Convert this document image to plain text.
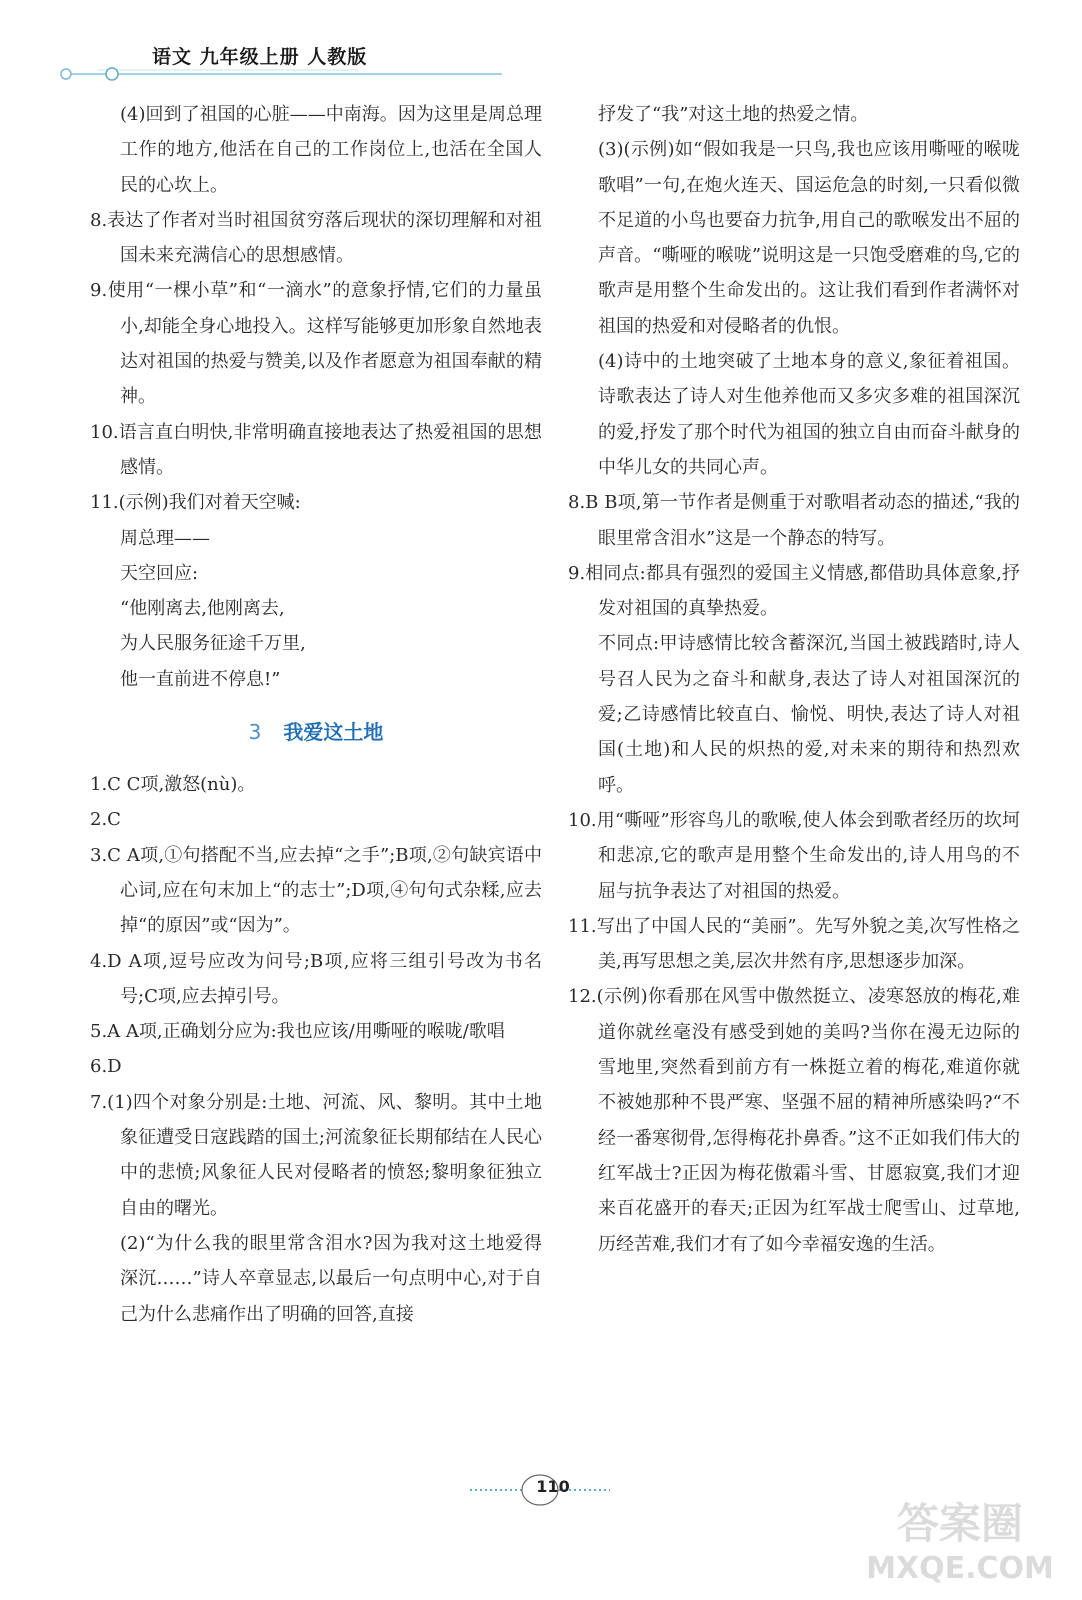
语文 九年级上册 人教版

(4)回到了祖国的心脏——中南海。因为这里是周总理工作的地方,他活在自己的工作岗位上,也活在全国人民的心坎上。

8.表达了作者对当时祖国贫穷落后现状的深切理解和对祖国未来充满信心的思想感情。

9.使用“一棵小草”和“一滴水”的意象抒情,它们的力量虽小,却能全身心地投入。这样写能够更加形象自然地表达对祖国的热爱与赞美,以及作者愿意为祖国奉献的精神。

10.语言直白明快,非常明确直接地表达了热爱祖国的思想感情。

11.(示例)我们对着天空喊:

周总理——

天空回应:

“他刚离去,他刚离去,

为人民服务征途千万里,

他一直前进不停息!”

3 我爱这土地

1.C C项,激怒(nù)。

2.C

3.C A项,①句搭配不当,应去掉“之手”;B项,②句缺宾语中心词,应在句末加上“的志士”;D项,④句句式杂糅,应去掉“的原因”或“因为”。

4.D A项,逗号应改为问号;B项,应将三组引号改为书名号;C项,应去掉引号。

5.A A项,正确划分应为:我也应该/用嘶哑的喉咙/歌唱

6.D

7.(1)四个对象分别是:土地、河流、风、黎明。其中土地象征遭受日寇践踏的国土;河流象征长期郁结在人民心中的悲愤;风象征人民对侵略者的愤怒;黎明象征独立自由的曙光。

(2)“为什么我的眼里常含泪水?因为我对这土地爱得深沉……”诗人卒章显志,以最后一句点明中心,对于自己为什么悲痛作出了明确的回答,直接

抒发了“我”对这土地的热爱之情。

(3)(示例)如“假如我是一只鸟,我也应该用嘶哑的喉咙歌唱”一句,在炮火连天、国运危急的时刻,一只看似微不足道的小鸟也要奋力抗争,用自己的歌喉发出不屈的声音。“嘶哑的喉咙”说明这是一只饱受磨难的鸟,它的歌声是用整个生命发出的。这让我们看到作者满怀对祖国的热爱和对侵略者的仇恨。

(4)诗中的土地突破了土地本身的意义,象征着祖国。诗歌表达了诗人对生他养他而又多灾多难的祖国深沉的爱,抒发了那个时代为祖国的独立自由而奋斗献身的中华儿女的共同心声。

8.B B项,第一节作者是侧重于对歌唱者动态的描述,“我的眼里常含泪水”这是一个静态的特写。

9.相同点:都具有强烈的爱国主义情感,都借助具体意象,抒发对祖国的真挚热爱。

不同点:甲诗感情比较含蓄深沉,当国土被践踏时,诗人号召人民为之奋斗和献身,表达了诗人对祖国深沉的爱;乙诗感情比较直白、愉悦、明快,表达了诗人对祖国(土地)和人民的炽热的爱,对未来的期待和热烈欢呼。

10.用“嘶哑”形容鸟儿的歌喉,使人体会到歌者经历的坎坷和悲凉,它的歌声是用整个生命发出的,诗人用鸟的不屈与抗争表达了对祖国的热爱。

11.写出了中国人民的“美丽”。先写外貌之美,次写性格之美,再写思想之美,层次井然有序,思想逐步加深。

12.(示例)你看那在风雪中傲然挺立、凌寒怒放的梅花,难道你就丝毫没有感受到她的美吗?当你在漫无边际的雪地里,突然看到前方有一株挺立着的梅花,难道你就不被她那种不畏严寒、坚强不屈的精神所感染吗?“不经一番寒彻骨,怎得梅花扑鼻香。”这不正如我们伟大的红军战士?正因为梅花傲霜斗雪、甘愿寂寞,我们才迎来百花盛开的春天;正因为红军战士爬雪山、过草地,历经苦难,我们才有了如今幸福安逸的生活。

110
答案圈
MXQE.COM
